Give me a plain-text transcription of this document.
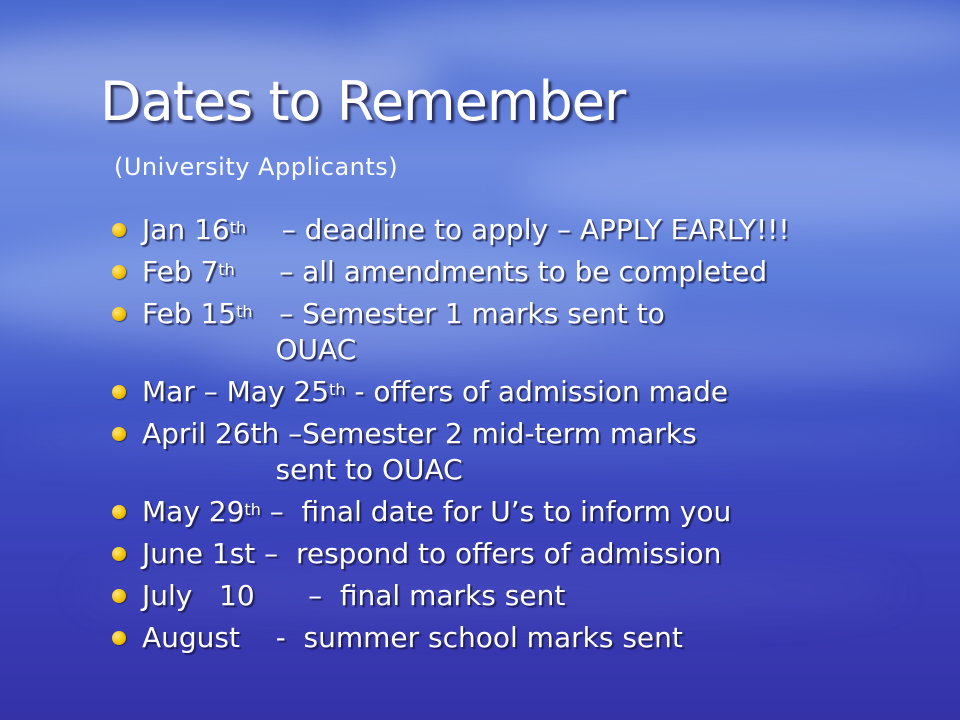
Dates to Remember
(University Applicants)
Jan 16th    – deadline to apply – APPLY EARLY!!!
Feb 7th     – all amendments to be completed
Feb 15th   – Semester 1 marks sent to
OUAC
Mar – May 25th - offers of admission made
April 26th –Semester 2 mid-term marks
sent to OUAC
May 29th –  final date for U’s to inform you
June 1st –  respond to offers of admission
July   10      –  final marks sent
August    -  summer school marks sent
